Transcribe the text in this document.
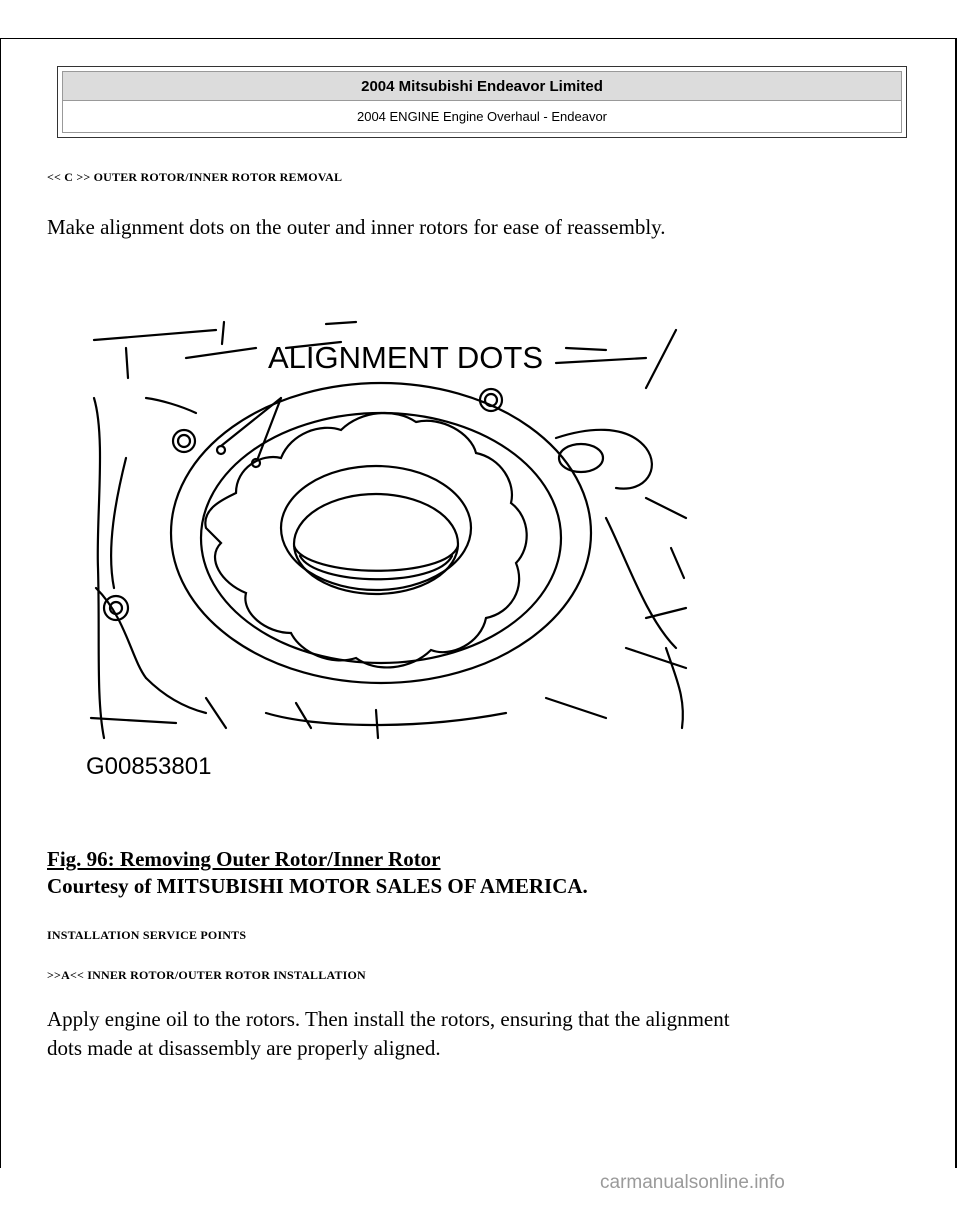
2004 Mitsubishi Endeavor Limited
2004 ENGINE Engine Overhaul - Endeavor
<< C >> OUTER ROTOR/INNER ROTOR REMOVAL
Make alignment dots on the outer and inner rotors for ease of reassembly.
ALIGNMENT DOTS
G00853801
Fig. 96: Removing Outer Rotor/Inner Rotor
Courtesy of MITSUBISHI MOTOR SALES OF AMERICA.
INSTALLATION SERVICE POINTS
>>A<< INNER ROTOR/OUTER ROTOR INSTALLATION
Apply engine oil to the rotors. Then install the rotors, ensuring that the alignment
dots made at disassembly are properly aligned.
carmanualsonline.info
